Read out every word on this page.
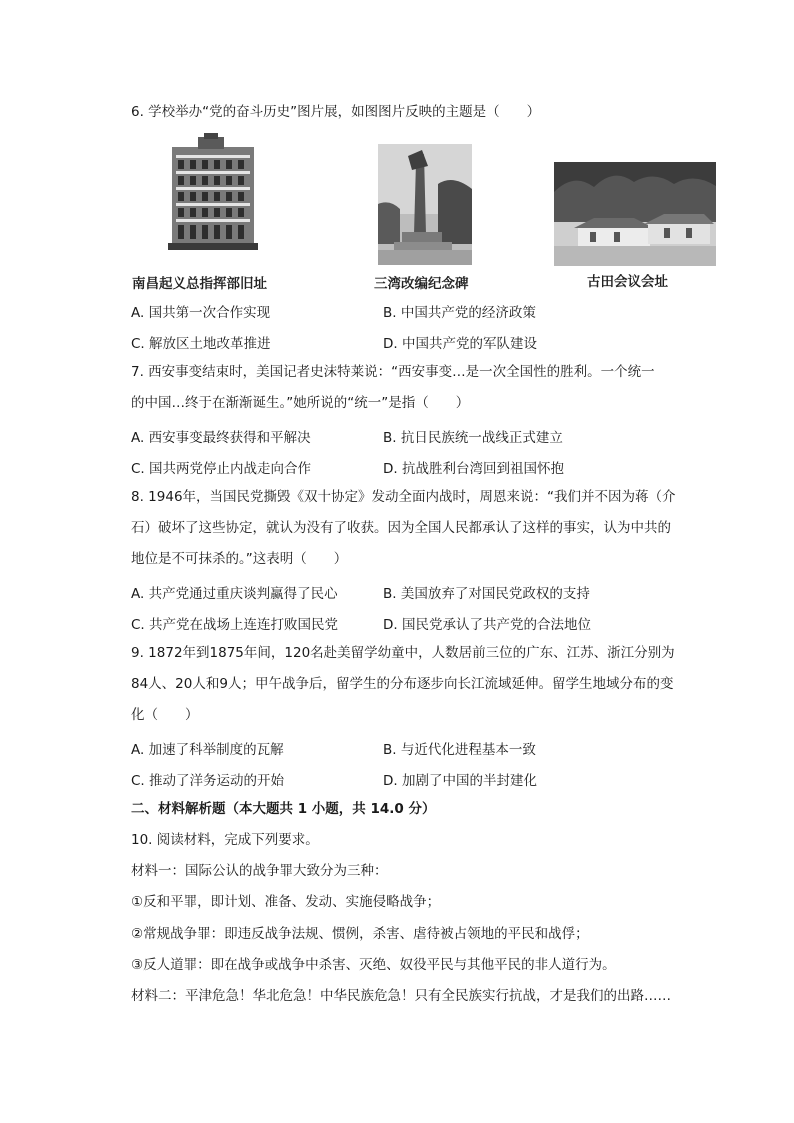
6. 学校举办“党的奋斗历史”图片展，如图图片反映的主题是（　　）
南昌起义总指挥部旧址	三湾改编纪念碑	古田会议会址
A. 国共第一次合作实现	B. 中国共产党的经济政策
C. 解放区土地改革推进	D. 中国共产党的军队建设
7. 西安事变结束时，美国记者史沫特莱说：“西安事变…是一次全国性的胜利。一个统一
的中国…终于在渐渐诞生。”她所说的“统一”是指（　　）
A. 西安事变最终获得和平解决	B. 抗日民族统一战线正式建立
C. 国共两党停止内战走向合作	D. 抗战胜利台湾回到祖国怀抱
8. 1946年，当国民党撕毁《双十协定》发动全面内战时，周恩来说：“我们并不因为蒋（介
石）破坏了这些协定，就认为没有了收获。因为全国人民都承认了这样的事实，认为中共的
地位是不可抹杀的。”这表明（　　）
A. 共产党通过重庆谈判赢得了民心	B. 美国放弃了对国民党政权的支持
C. 共产党在战场上连连打败国民党	D. 国民党承认了共产党的合法地位
9. 1872年到1875年间，120名赴美留学幼童中，人数居前三位的广东、江苏、浙江分别为
84人、20人和9人；甲午战争后，留学生的分布逐步向长江流域延伸。留学生地域分布的变
化（　　）
A. 加速了科举制度的瓦解	B. 与近代化进程基本一致
C. 推动了洋务运动的开始	D. 加剧了中国的半封建化
二、材料解析题（本大题共 1 小题，共 14.0 分）
10. 阅读材料，完成下列要求。
材料一：国际公认的战争罪大致分为三种：
①反和平罪，即计划、准备、发动、实施侵略战争；
②常规战争罪：即违反战争法规、惯例，杀害、虐待被占领地的平民和战俘；
③反人道罪：即在战争或战争中杀害、灭绝、奴役平民与其他平民的非人道行为。
材料二：平津危急！华北危急！中华民族危急！只有全民族实行抗战，才是我们的出路……
